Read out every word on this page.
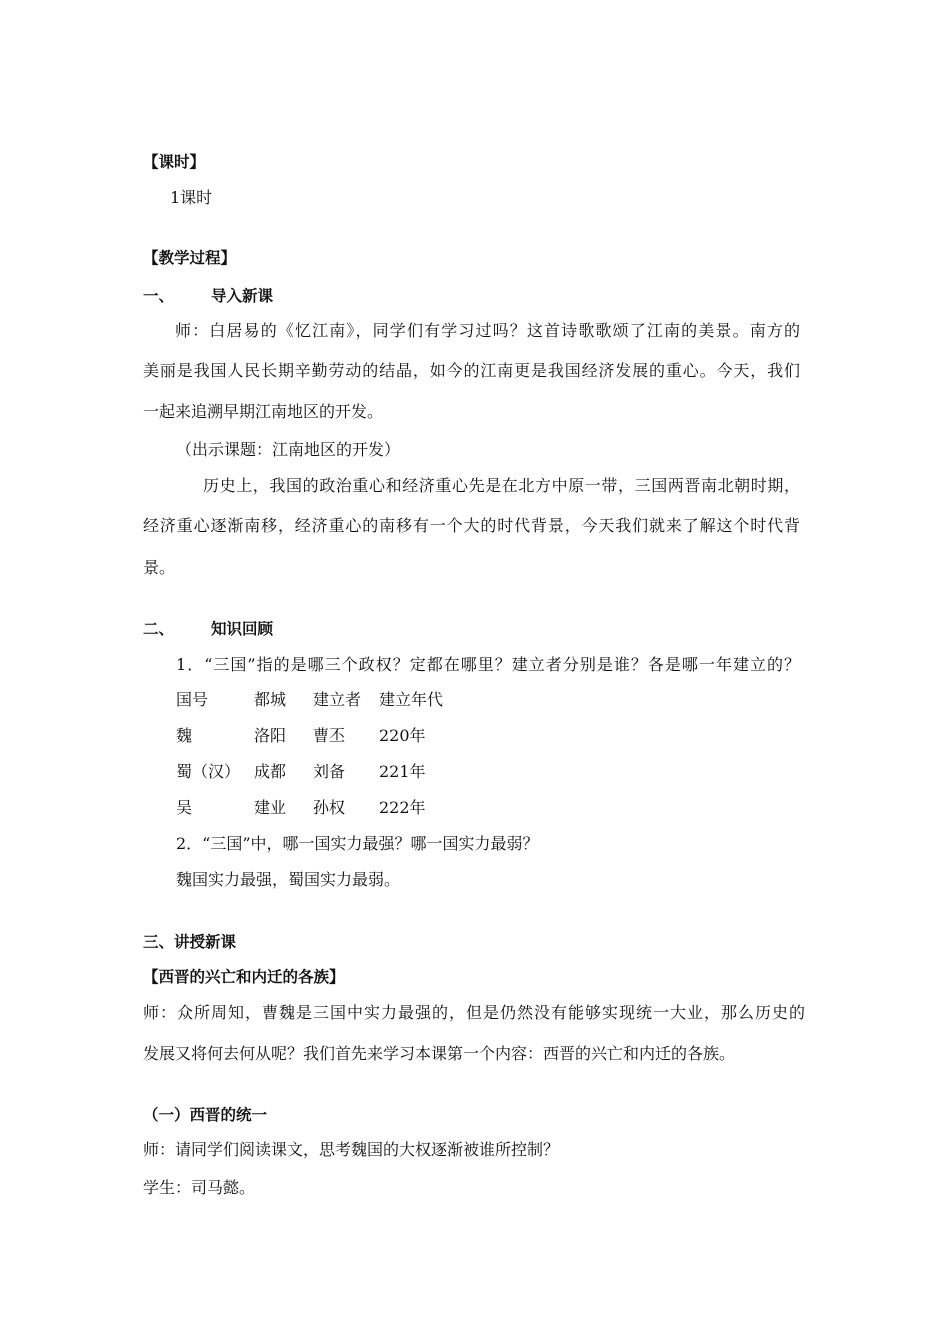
【课时】
1课时
【教学过程】
一、 导入新课
师：白居易的《忆江南》，同学们有学习过吗？这首诗歌歌颂了江南的美景。南方的
美丽是我国人民长期辛勤劳动的结晶，如今的江南更是我国经济发展的重心。今天，我们
一起来追溯早期江南地区的开发。
（出示课题：江南地区的开发）
历史上，我国的政治重心和经济重心先是在北方中原一带，三国两晋南北朝时期，
经济重心逐渐南移，经济重心的南移有一个大的时代背景，今天我们就来了解这个时代背
景。
二、 知识回顾
1．“三国”指的是哪三个政权？定都在哪里？建立者分别是谁？各是哪一年建立的？
国号	都城 建立者 建立年代
魏	洛阳 曹丕 220年
蜀（汉） 成都 刘备 221年
吴	建业 孙权 222年
2．“三国”中，哪一国实力最强？哪一国实力最弱？
魏国实力最强，蜀国实力最弱。
三、讲授新课
【西晋的兴亡和内迁的各族】
师：众所周知，曹魏是三国中实力最强的，但是仍然没有能够实现统一大业，那么历史的
发展又将何去何从呢？我们首先来学习本课第一个内容：西晋的兴亡和内迁的各族。
（一）西晋的统一
师：请同学们阅读课文，思考魏国的大权逐渐被谁所控制？
学生：司马懿。
